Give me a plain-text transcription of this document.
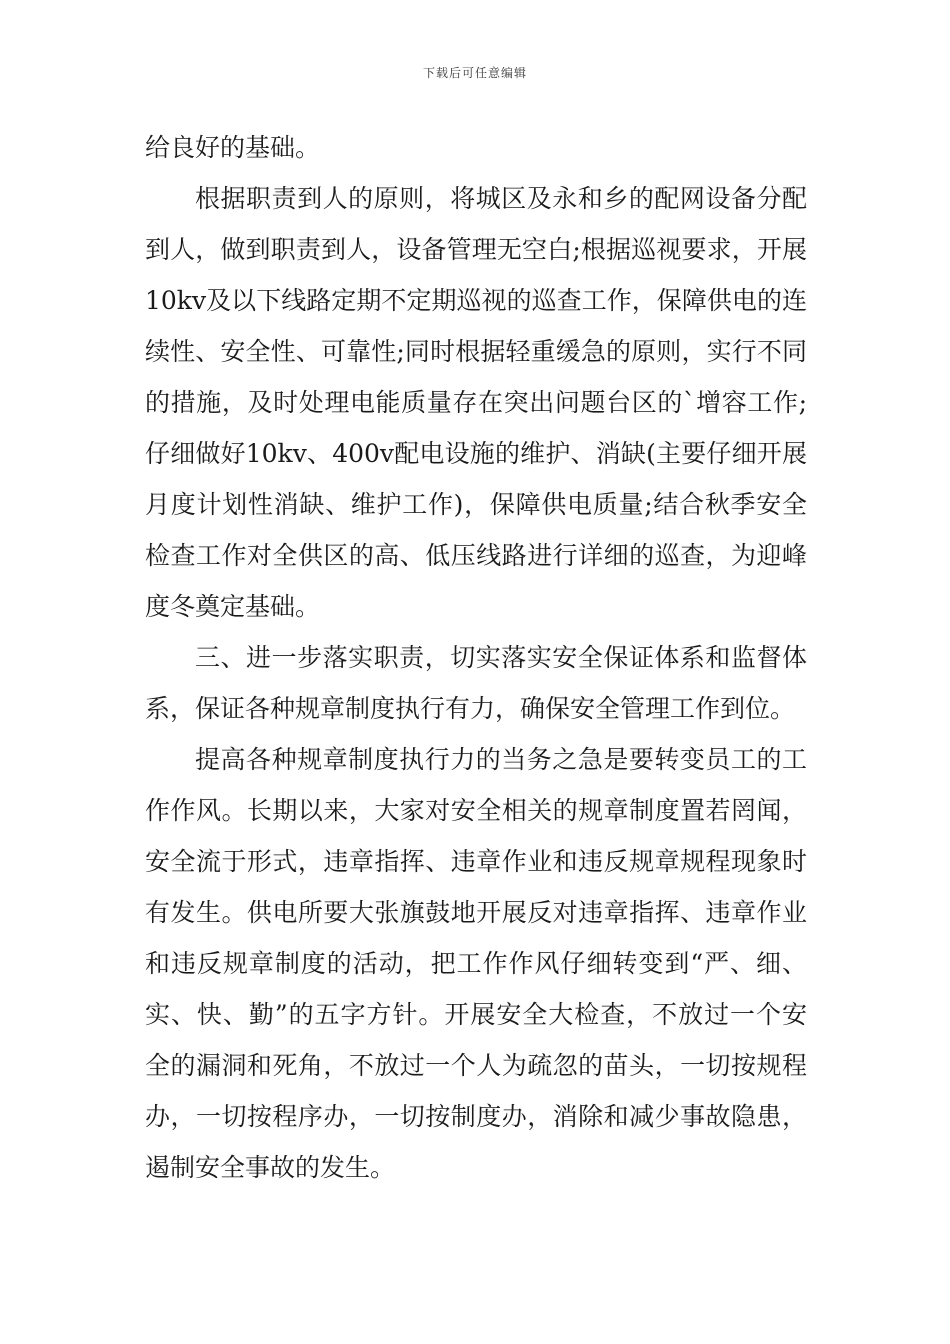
下载后可任意编辑

给良好的基础。

根据职责到人的原则，将城区及永和乡的配网设备分配到人，做到职责到人，设备管理无空白;根据巡视要求，开展10kv及以下线路定期不定期巡视的巡查工作，保障供电的连续性、安全性、可靠性;同时根据轻重缓急的原则，实行不同的措施，及时处理电能质量存在突出问题台区的`增容工作;仔细做好10kv、400v配电设施的维护、消缺(主要仔细开展月度计划性消缺、维护工作)，保障供电质量;结合秋季安全检查工作对全供区的高、低压线路进行详细的巡查，为迎峰度冬奠定基础。

三、进一步落实职责，切实落实安全保证体系和监督体系，保证各种规章制度执行有力，确保安全管理工作到位。

提高各种规章制度执行力的当务之急是要转变员工的工作作风。长期以来，大家对安全相关的规章制度置若罔闻，安全流于形式，违章指挥、违章作业和违反规章规程现象时有发生。供电所要大张旗鼓地开展反对违章指挥、违章作业和违反规章制度的活动，把工作作风仔细转变到“严、细、实、快、勤”的五字方针。开展安全大检查，不放过一个安全的漏洞和死角，不放过一个人为疏忽的苗头，一切按规程办，一切按程序办，一切按制度办，消除和减少事故隐患，遏制安全事故的发生。
